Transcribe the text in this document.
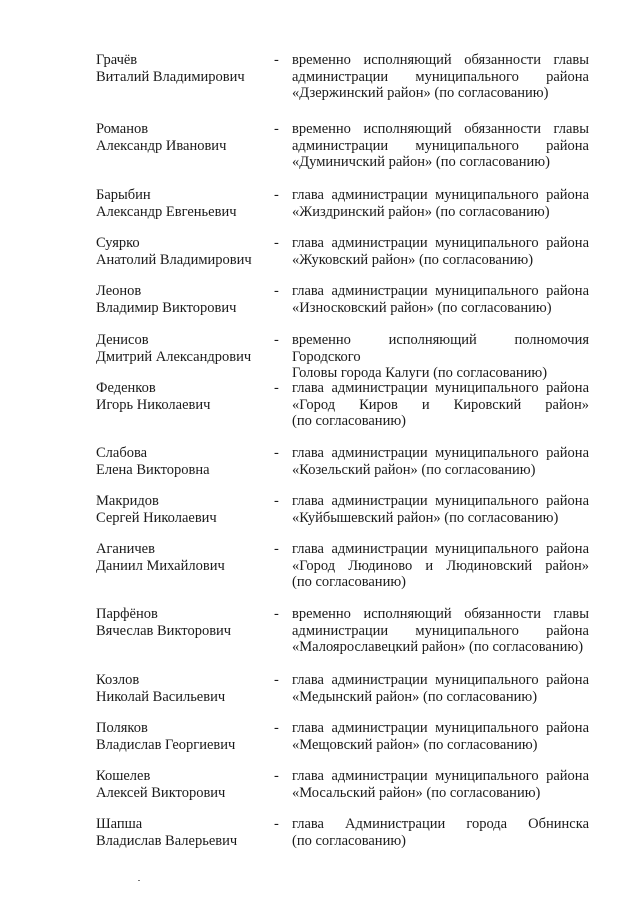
Грачёв
Виталий Владимирович
- временно исполняющий обязанности главы
администрации муниципального района
«Дзержинский район» (по согласованию)
Романов
Александр Иванович
- временно исполняющий обязанности главы
администрации муниципального района
«Думиничский район» (по согласованию)
Барыбин
Александр Евгеньевич
- глава администрации муниципального района
«Жиздринский район» (по согласованию)
Суярко
Анатолий Владимирович
- глава администрации муниципального района
«Жуковский район» (по согласованию)
Леонов
Владимир Викторович
- глава администрации муниципального района
«Износковский район» (по согласованию)
Денисов
Дмитрий Александрович
- временно исполняющий полномочия Городского
Головы города Калуги (по согласованию)
Феденков
Игорь Николаевич
- глава администрации муниципального района
«Город Киров и Кировский район»
(по согласованию)
Слабова
Елена Викторовна
- глава администрации муниципального района
«Козельский район» (по согласованию)
Макридов
Сергей Николаевич
- глава администрации муниципального района
«Куйбышевский район» (по согласованию)
Аганичев
Даниил Михайлович
- глава администрации муниципального района
«Город Людиново и Людиновский район»
(по согласованию)
Парфёнов
Вячеслав Викторович
- временно исполняющий обязанности главы
администрации муниципального района
«Малоярославецкий район» (по согласованию)
Козлов
Николай Васильевич
- глава администрации муниципального района
«Медынский район» (по согласованию)
Поляков
Владислав Георгиевич
- глава администрации муниципального района
«Мещовский район» (по согласованию)
Кошелев
Алексей Викторович
- глава администрации муниципального района
«Мосальский район» (по согласованию)
Шапша
Владислав Валерьевич
- глава Администрации города Обнинска
(по согласованию)
